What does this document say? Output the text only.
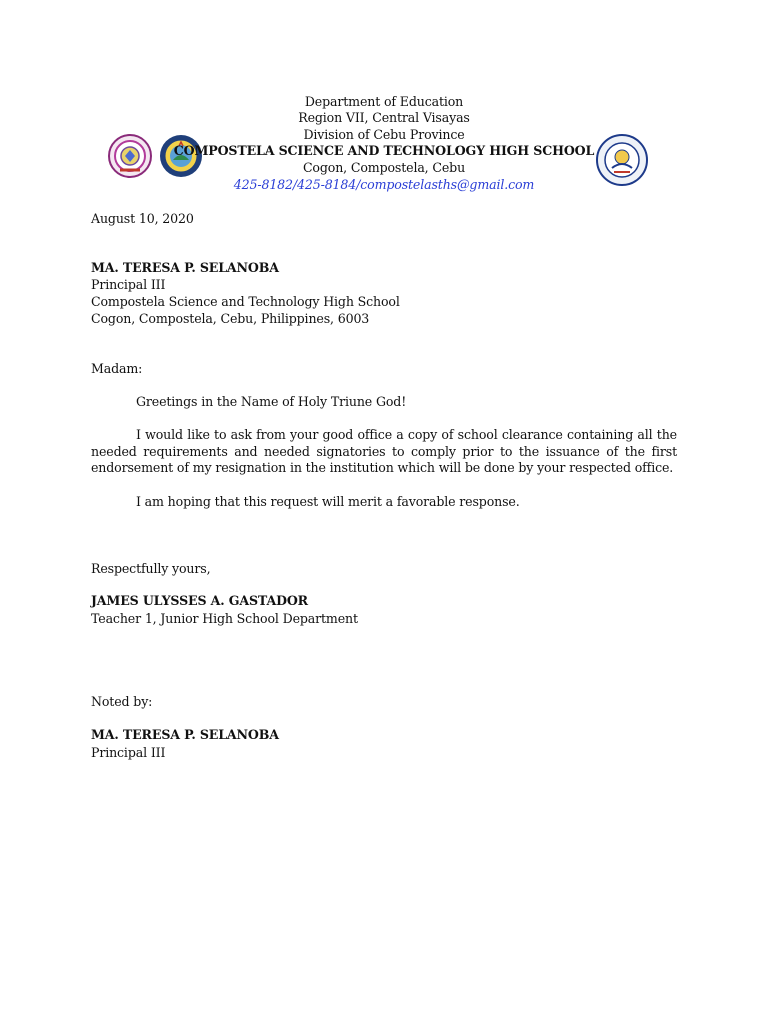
Department of Education
Region VII, Central Visayas
Division of Cebu Province
COMPOSTELA SCIENCE AND TECHNOLOGY HIGH SCHOOL
Cogon, Compostela, Cebu
425-8182/425-8184/compostelasths@gmail.com
August 10, 2020
MA. TERESA P. SELANOBA
Principal III
Compostela Science and Technology High School
Cogon, Compostela, Cebu, Philippines, 6003
Madam:
Greetings in the Name of Holy Triune God!
I would like to ask from your good office a copy of school clearance containing all the needed requirements and needed signatories to comply prior to the issuance of the first endorsement of my resignation in the institution which will be done by your respected office.
I am hoping that this request will merit a favorable response.
Respectfully yours,
JAMES ULYSSES A. GASTADOR
Teacher 1, Junior High School Department
Noted by:
MA. TERESA P. SELANOBA
Principal III
